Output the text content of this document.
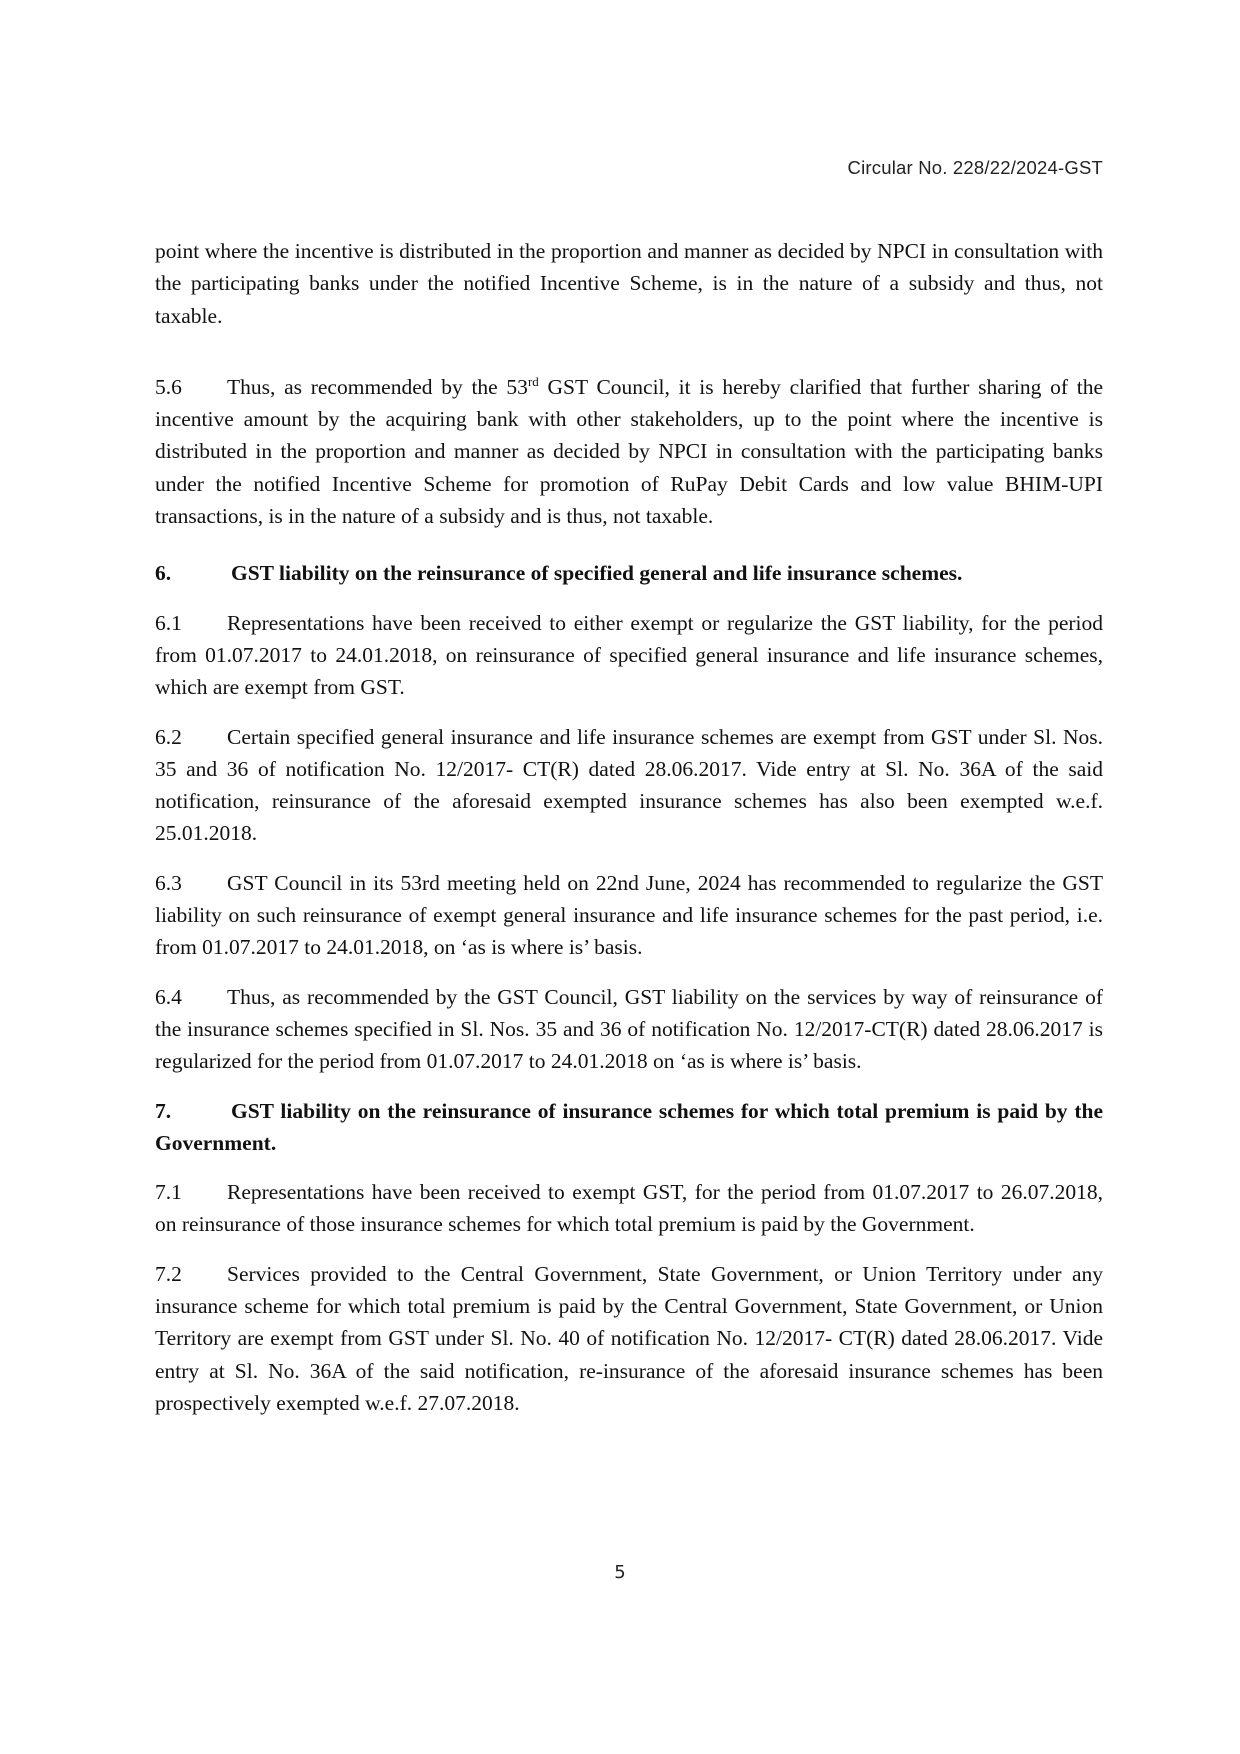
Circular No. 228/22/2024-GST

point where the incentive is distributed in the proportion and manner as decided by NPCI in consultation with the participating banks under the notified Incentive Scheme, is in the nature of a subsidy and thus, not taxable.

5.6 Thus, as recommended by the 53rd GST Council, it is hereby clarified that further sharing of the incentive amount by the acquiring bank with other stakeholders, up to the point where the incentive is distributed in the proportion and manner as decided by NPCI in consultation with the participating banks under the notified Incentive Scheme for promotion of RuPay Debit Cards and low value BHIM-UPI transactions, is in the nature of a subsidy and is thus, not taxable.

6.	GST liability on the reinsurance of specified general and life insurance schemes.

6.1 Representations have been received to either exempt or regularize the GST liability, for the period from 01.07.2017 to 24.01.2018, on reinsurance of specified general insurance and life insurance schemes, which are exempt from GST.

6.2 Certain specified general insurance and life insurance schemes are exempt from GST under Sl. Nos. 35 and 36 of notification No. 12/2017- CT(R) dated 28.06.2017. Vide entry at Sl. No. 36A of the said notification, reinsurance of the aforesaid exempted insurance schemes has also been exempted w.e.f. 25.01.2018.

6.3 GST Council in its 53rd meeting held on 22nd June, 2024 has recommended to regularize the GST liability on such reinsurance of exempt general insurance and life insurance schemes for the past period, i.e. from 01.07.2017 to 24.01.2018, on ‘as is where is’ basis.

6.4 Thus, as recommended by the GST Council, GST liability on the services by way of reinsurance of the insurance schemes specified in Sl. Nos. 35 and 36 of notification No. 12/2017-CT(R) dated 28.06.2017 is regularized for the period from 01.07.2017 to 24.01.2018 on ‘as is where is’ basis.

7.	GST liability on the reinsurance of insurance schemes for which total premium is paid by the Government.

7.1 Representations have been received to exempt GST, for the period from 01.07.2017 to 26.07.2018, on reinsurance of those insurance schemes for which total premium is paid by the Government.

7.2 Services provided to the Central Government, State Government, or Union Territory under any insurance scheme for which total premium is paid by the Central Government, State Government, or Union Territory are exempt from GST under Sl. No. 40 of notification No. 12/2017- CT(R) dated 28.06.2017. Vide entry at Sl. No. 36A of the said notification, re-insurance of the aforesaid insurance schemes has been prospectively exempted w.e.f. 27.07.2018.

5
